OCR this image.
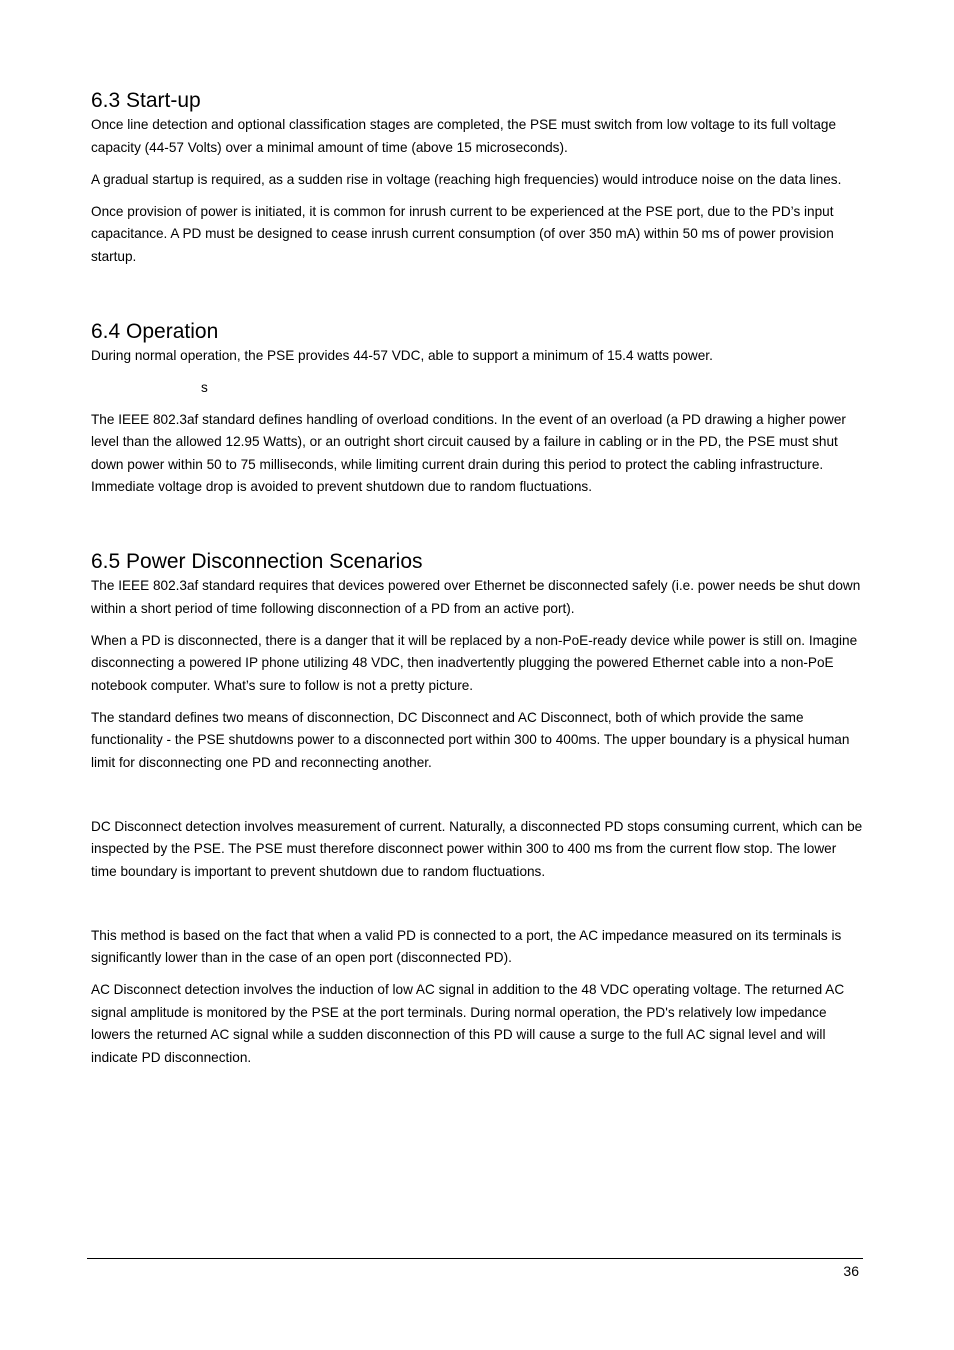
6.3 Start-up

Once line detection and optional classification stages are completed, the PSE must switch from low voltage to its full voltage capacity (44-57 Volts) over a minimal amount of time (above 15 microseconds).

A gradual startup is required, as a sudden rise in voltage (reaching high frequencies) would introduce noise on the data lines.

Once provision of power is initiated, it is common for inrush current to be experienced at the PSE port, due to the PD’s input capacitance. A PD must be designed to cease inrush current consumption (of over 350 mA) within 50 ms of power provision startup.

6.4 Operation

During normal operation, the PSE provides 44-57 VDC, able to support a minimum of 15.4 watts power.

s

The IEEE 802.3af standard defines handling of overload conditions. In the event of an overload (a PD drawing a higher power level than the allowed 12.95 Watts), or an outright short circuit caused by a failure in cabling or in the PD, the PSE must shut down power within 50 to 75 milliseconds, while limiting current drain during this period to protect the cabling infrastructure. Immediate voltage drop is avoided to prevent shutdown due to random fluctuations.

6.5 Power Disconnection Scenarios

The IEEE 802.3af standard requires that devices powered over Ethernet be disconnected safely (i.e. power needs be shut down within a short period of time following disconnection of a PD from an active port).

When a PD is disconnected, there is a danger that it will be replaced by a non-PoE-ready device while power is still on. Imagine disconnecting a powered IP phone utilizing 48 VDC, then inadvertently plugging the powered Ethernet cable into a non-PoE notebook computer. What’s sure to follow is not a pretty picture.

The standard defines two means of disconnection, DC Disconnect and AC Disconnect, both of which provide the same functionality - the PSE shutdowns power to a disconnected port within 300 to 400ms. The upper boundary is a physical human limit for disconnecting one PD and reconnecting another.

DC Disconnect detection involves measurement of current. Naturally, a disconnected PD stops consuming current, which can be inspected by the PSE. The PSE must therefore disconnect power within 300 to 400 ms from the current flow stop. The lower time boundary is important to prevent shutdown due to random fluctuations.

This method is based on the fact that when a valid PD is connected to a port, the AC impedance measured on its terminals is significantly lower than in the case of an open port (disconnected PD).

AC Disconnect detection involves the induction of low AC signal in addition to the 48 VDC operating voltage. The returned AC signal amplitude is monitored by the PSE at the port terminals. During normal operation, the PD's relatively low impedance lowers the returned AC signal while a sudden disconnection of this PD will cause a surge to the full AC signal level and will indicate PD disconnection.

36
